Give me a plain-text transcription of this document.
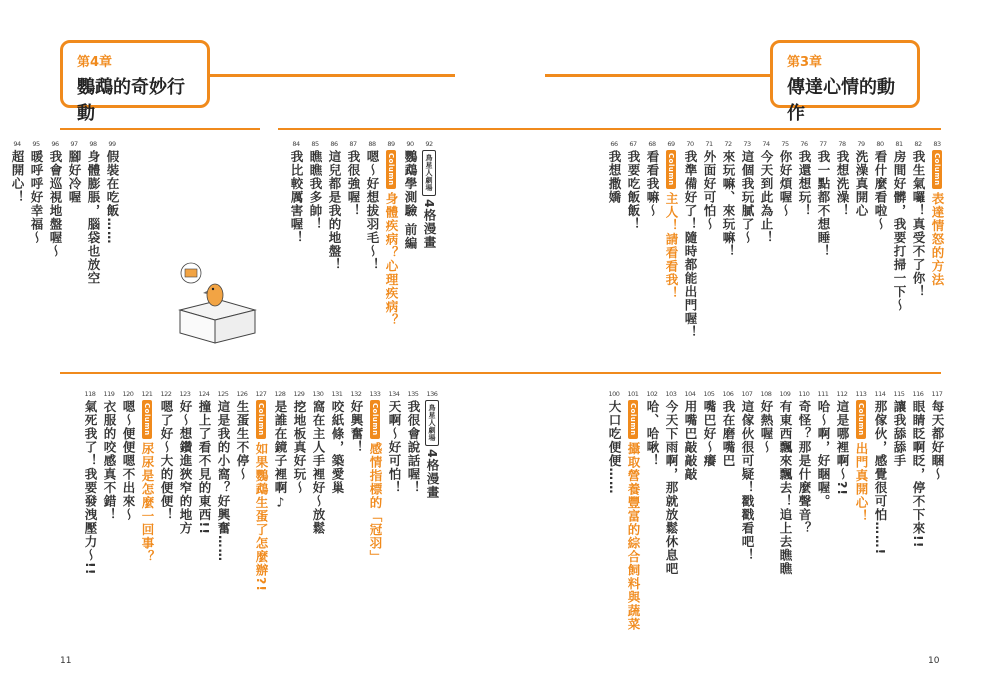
第4章
鸚鵡的奇妙行動
第3章
傳達心情的動作
99
假裝在吃飯……
98
身體膨脹，腦袋也放空
97
腳好冷喔
96
我會巡視地盤喔～
95
暖呼呼好幸福～
94
超開心！
92
鳥星人劇場
4格漫畫
90
鸚鵡學測驗 前編
89
Column
身體疾病？心理疾病？
88
嗯～好想拔羽毛～！
87
我很強喔！
86
這兒都是我的地盤！
85
瞧瞧我多帥！
84
我比較厲害喔！
83
Column
表達情怒的方法
82
我生氣囉！真受不了你！
81
房間好髒，我要打掃一下～
80
看什麼看啦～
79
洗澡真開心
78
我想洗澡！
77
我一點都不想睡！
76
我還想玩！
75
你好煩喔～
74
今天到此為止！
73
這個我玩膩了～
72
來玩嘛、來玩嘛！
71
外面好可怕～
70
我準備好了！隨時都能出門喔！
69
Column
主人！請看看我！
68
看看我嘛～
67
我要吃飯飯！
66
我想撒嬌
136
鳥星人劇場
4格漫畫
135
我很會說話喔！
134
天啊～好可怕！
133
Column
感情指標的「冠羽」
132
好興奮！
131
咬紙條，築愛巢
130
窩在主人手裡好～放鬆
129
挖地板真好玩～
128
是誰在鏡子裡啊♪
127
Column
如果鸚鵡生蛋了怎麼辦?!
126
生蛋生不停～
125
這是我的小窩？好興奮……
124
撞上了看不見的東西!!
123
好～想鑽進狹窄的地方
122
嗯了好～大的便便！
121
Column
尿尿是怎麼一回事？
120
嗯～便便嗯不出來～
119
衣服的咬感真不錯！
118
氣死我了！我要發洩壓力～!!
117
每天都好睏～
116
眼睛眨啊眨，停不下來!!
115
讓我舔舔手
114
那傢伙，感覺很可怕……!
113
Column
出門真開心！
112
這是哪裡啊～?!
111
哈～啊，好睏喔。
110
奇怪？那是什麼聲音？
109
有東西飄來飄去！追上去瞧瞧
108
好熱喔～
107
這傢伙很可疑！戳戳看吧！
106
我在磨嘴巴
105
嘴巴好～癢
104
用嘴巴敲敲敲
103
今天下雨啊，那就放鬆休息吧
102
哈、哈啾！
101
Column
攝取營養豐富的綜合飼料與蔬菜
100
大口吃便便……
11	10
